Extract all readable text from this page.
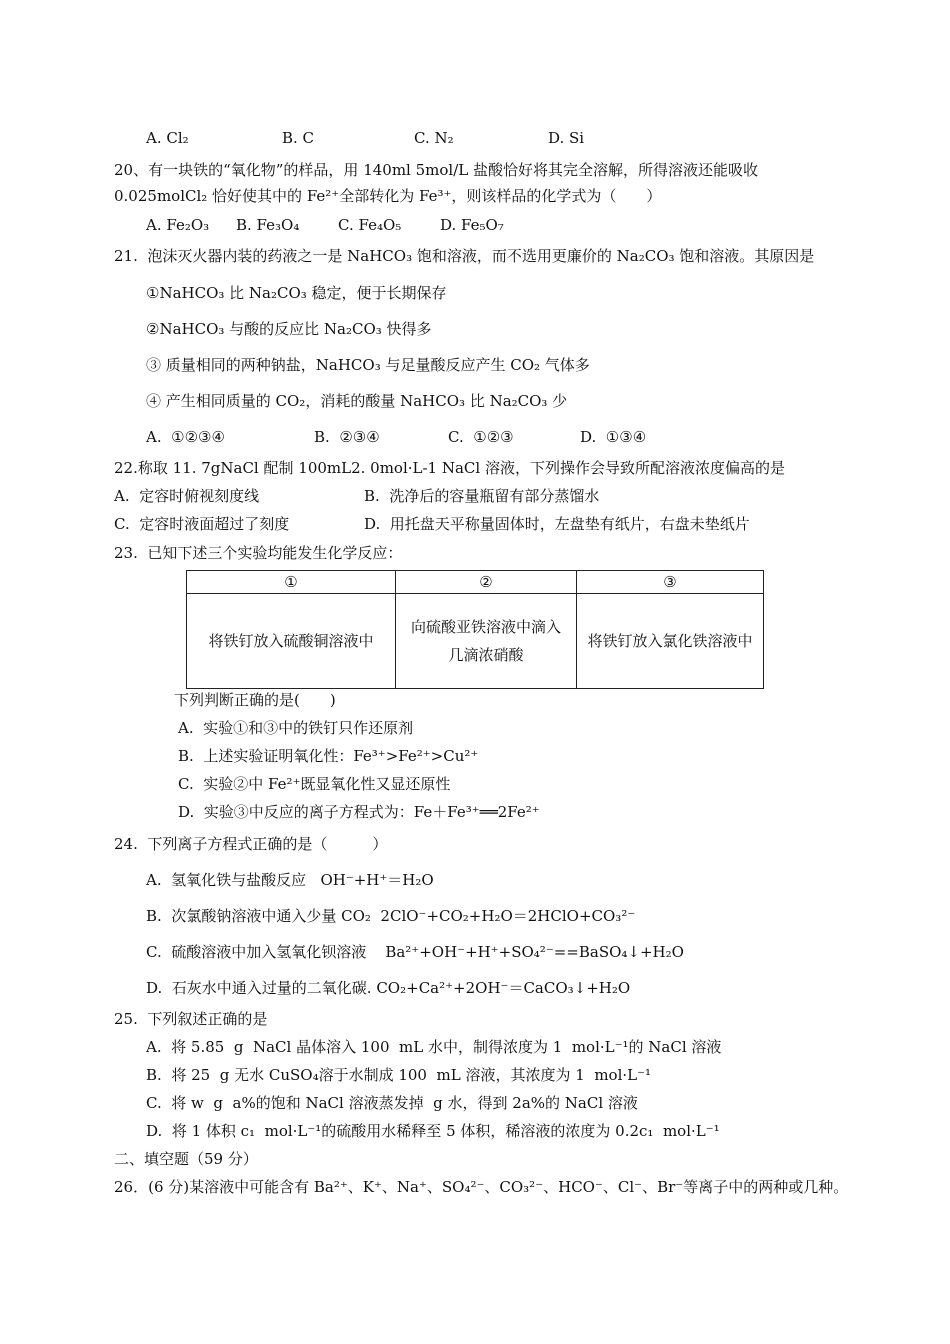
A. Cl₂	B. C	C. N₂	D. Si
20、有一块铁的“氧化物”的样品，用 140ml 5mol/L 盐酸恰好将其完全溶解，所得溶液还能吸收
0.025molCl₂ 恰好使其中的 Fe²⁺全部转化为 Fe³⁺，则该样品的化学式为（　　）
A. Fe₂O₃ B. Fe₃O₄	C. Fe₄O₅	D. Fe₅O₇
21.  泡沫灭火器内装的药液之一是 NaHCO₃ 饱和溶液，而不选用更廉价的 Na₂CO₃ 饱和溶液。其原因是
①NaHCO₃ 比 Na₂CO₃ 稳定，便于长期保存
②NaHCO₃ 与酸的反应比 Na₂CO₃ 快得多
③ 质量相同的两种钠盐，NaHCO₃ 与足量酸反应产生 CO₂ 气体多
④ 产生相同质量的 CO₂，消耗的酸量 NaHCO₃ 比 Na₂CO₃ 少
A.  ①②③④	B.  ②③④	C.  ①②③	D.  ①③④
22.称取 11. 7gNaCl 配制 100mL2. 0mol·L-1 NaCl 溶液，下列操作会导致所配溶液浓度偏高的是
A.  定容时俯视刻度线	B.  洗净后的容量瓶留有部分蒸馏水
C.  定容时液面超过了刻度	D.  用托盘天平称量固体时，左盘垫有纸片，右盘未垫纸片
23.  已知下述三个实验均能发生化学反应：
①	②	③
将铁钉放入硫酸铜溶液中	向硫酸亚铁溶液中滴入几滴浓硝酸	将铁钉放入氯化铁溶液中
下列判断正确的是(　　)
A.  实验①和③中的铁钉只作还原剂
B.  上述实验证明氧化性：Fe³⁺>Fe²⁺>Cu²⁺
C.  实验②中 Fe²⁺既显氧化性又显还原性
D.  实验③中反应的离子方程式为：Fe＋Fe³⁺══2Fe²⁺
24.  下列离子方程式正确的是（　　　）
A.  氢氧化铁与盐酸反应   OH⁻+H⁺＝H₂O
B.  次氯酸钠溶液中通入少量 CO₂  2ClO⁻+CO₂+H₂O＝2HClO+CO₃²⁻
C.  硫酸溶液中加入氢氧化钡溶液    Ba²⁺+OH⁻+H⁺+SO₄²⁻==BaSO₄↓+H₂O
D.  石灰水中通入过量的二氧化碳. CO₂+Ca²⁺+2OH⁻＝CaCO₃↓+H₂O
25.  下列叙述正确的是
A.  将 5.85  g  NaCl 晶体溶入 100  mL 水中，制得浓度为 1  mol·L⁻¹的 NaCl 溶液
B.  将 25  g 无水 CuSO₄溶于水制成 100  mL 溶液，其浓度为 1  mol·L⁻¹
C.  将 w  g  a%的饱和 NaCl 溶液蒸发掉  g 水，得到 2a%的 NaCl 溶液
D.  将 1 体积 c₁  mol·L⁻¹的硫酸用水稀释至 5 体积，稀溶液的浓度为 0.2c₁  mol·L⁻¹
二、填空题（59 分）
26．(6 分)某溶液中可能含有 Ba²⁺、K⁺、Na⁺、SO₄²⁻、CO₃²⁻、HCO⁻、Cl⁻、Br⁻等离子中的两种或几种。
